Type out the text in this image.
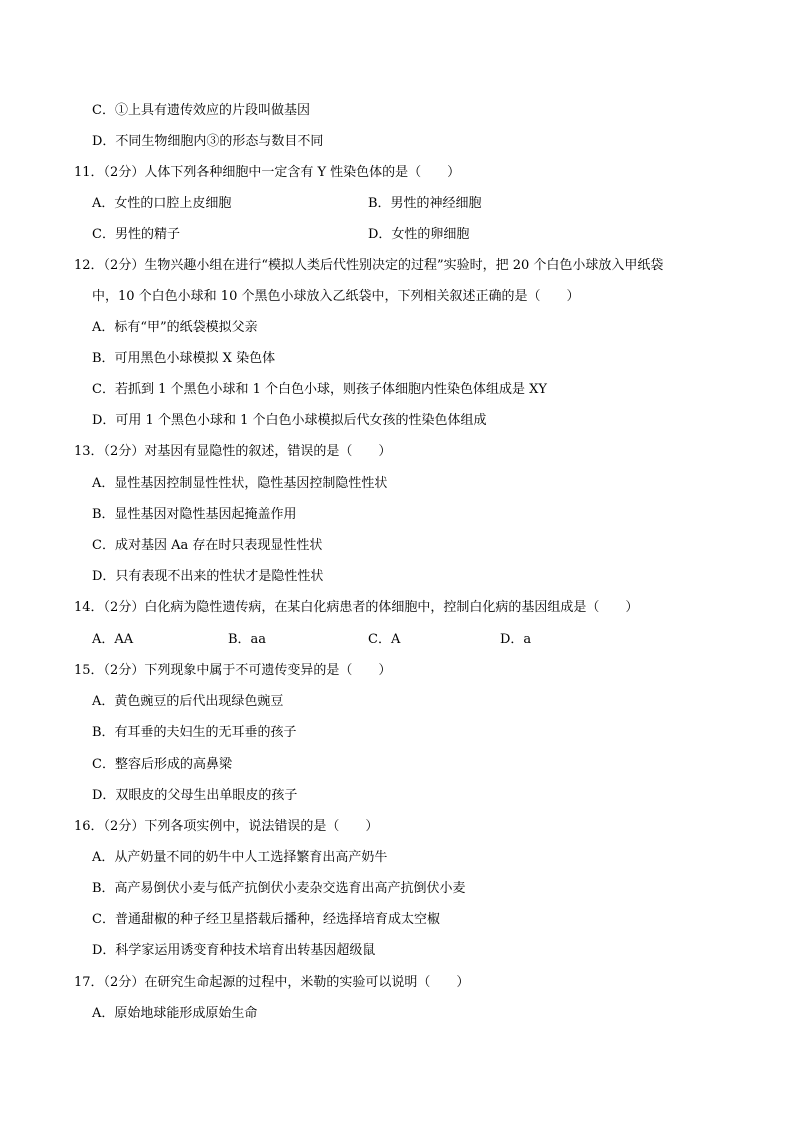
C．①上具有遗传效应的片段叫做基因
D．不同生物细胞内③的形态与数目不同
11．（2分）人体下列各种细胞中一定含有 Y 性染色体的是（　　）
A．女性的口腔上皮细胞	B．男性的神经细胞
C．男性的精子	D．女性的卵细胞
12．（2分）生物兴趣小组在进行“模拟人类后代性别决定的过程”实验时，把 20 个白色小球放入甲纸袋
中，10 个白色小球和 10 个黑色小球放入乙纸袋中，下列相关叙述正确的是（　　）
A．标有“甲”的纸袋模拟父亲
B．可用黑色小球模拟 X 染色体
C．若抓到 1 个黑色小球和 1 个白色小球，则孩子体细胞内性染色体组成是 XY
D．可用 1 个黑色小球和 1 个白色小球模拟后代女孩的性染色体组成
13．（2分）对基因有显隐性的叙述，错误的是（　　）
A．显性基因控制显性性状，隐性基因控制隐性性状
B．显性基因对隐性基因起掩盖作用
C．成对基因 Aa 存在时只表现显性性状
D．只有表现不出来的性状才是隐性性状
14．（2分）白化病为隐性遗传病，在某白化病患者的体细胞中，控制白化病的基因组成是（　　）
A．AA	B．aa	C．A	D．a
15．（2分）下列现象中属于不可遗传变异的是（　　）
A．黄色豌豆的后代出现绿色豌豆
B．有耳垂的夫妇生的无耳垂的孩子
C．整容后形成的高鼻梁
D．双眼皮的父母生出单眼皮的孩子
16．（2分）下列各项实例中，说法错误的是（　　）
A．从产奶量不同的奶牛中人工选择繁育出高产奶牛
B．高产易倒伏小麦与低产抗倒伏小麦杂交选育出高产抗倒伏小麦
C．普通甜椒的种子经卫星搭载后播种，经选择培育成太空椒
D．科学家运用诱变育种技术培育出转基因超级鼠
17．（2分）在研究生命起源的过程中，米勒的实验可以说明（　　）
A．原始地球能形成原始生命
